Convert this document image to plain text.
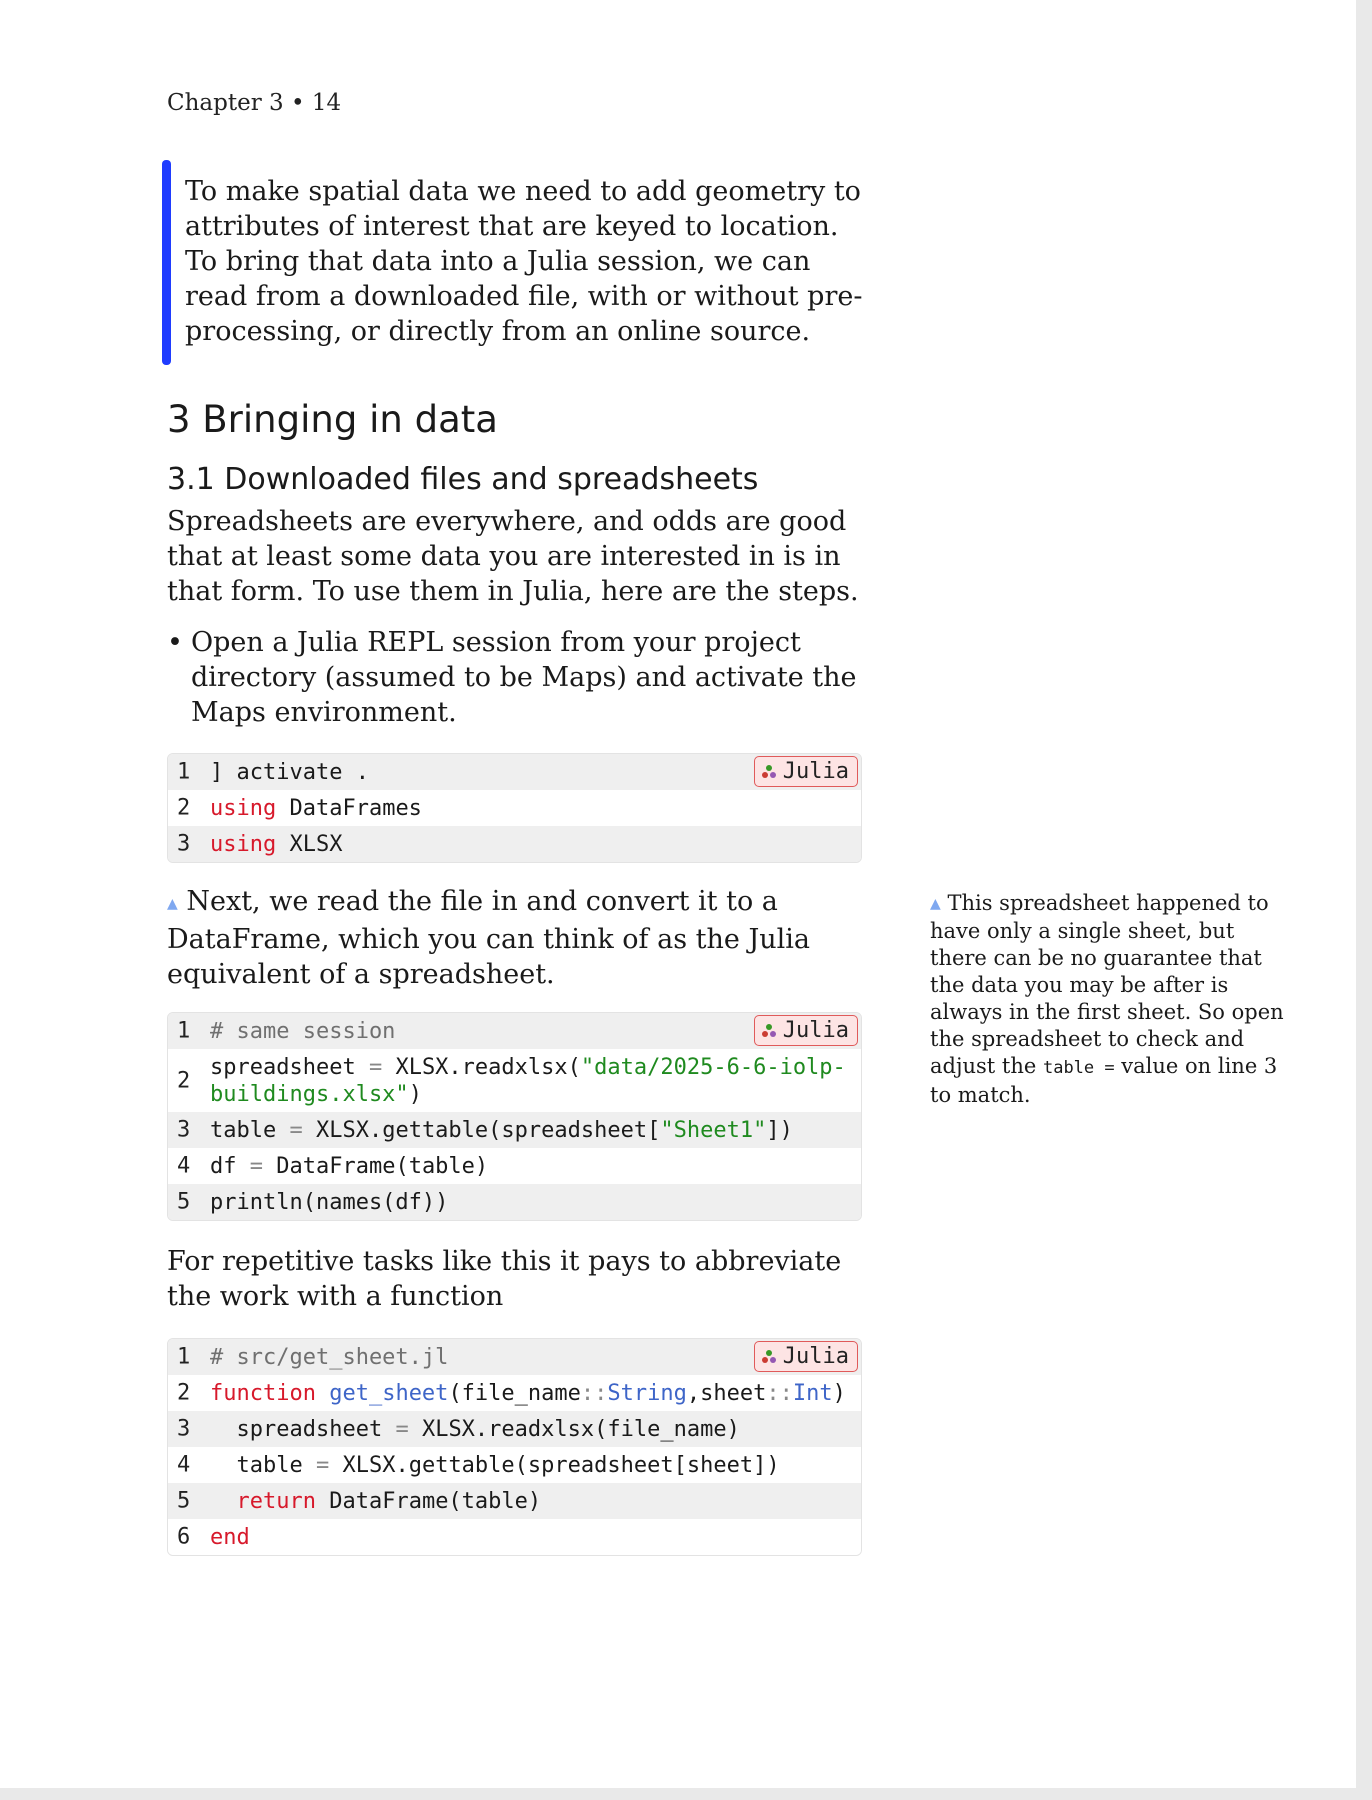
Chapter 3 • 14
To make spatial data we need to add geometry to attributes of interest that are keyed to location. To bring that data into a Julia session, we can read from a downloaded file, with or without pre-processing, or directly from an online source.
3 Bringing in data
3.1 Downloaded files and spreadsheets

Spreadsheets are everywhere, and odds are good that at least some data you are interested in is in that form. To use them in Julia, here are the steps.

• Open a Julia REPL session from your project directory (assumed to be Maps) and activate the Maps environment.
1 ] activate .
2 using DataFrames
3 using XLSX
Julia

▲ Next, we read the file in and convert it to a DataFrame, which you can think of as the Julia equivalent of a spreadsheet.

▲ This spreadsheet happened to have only a single sheet, but there can be no guarantee that the data you may be after is always in the first sheet. So open the spreadsheet to check and adjust the table = value on line 3 to match.
1 # same session
2
spreadsheet = XLSX.readxlsx("data/2025-6-6-iolp-buildings.xlsx")
3 table = XLSX.gettable(spreadsheet["Sheet1"])
4 df = DataFrame(table)
5 println(names(df))
Julia

For repetitive tasks like this it pays to abbreviate the work with a function

1 # src/get_sheet.jl
2 function get_sheet(file_name::String,sheet::Int)
3 spreadsheet = XLSX.readxlsx(file_name)
4 table = XLSX.gettable(spreadsheet[sheet])
5 return DataFrame(table)
6 end
Julia
